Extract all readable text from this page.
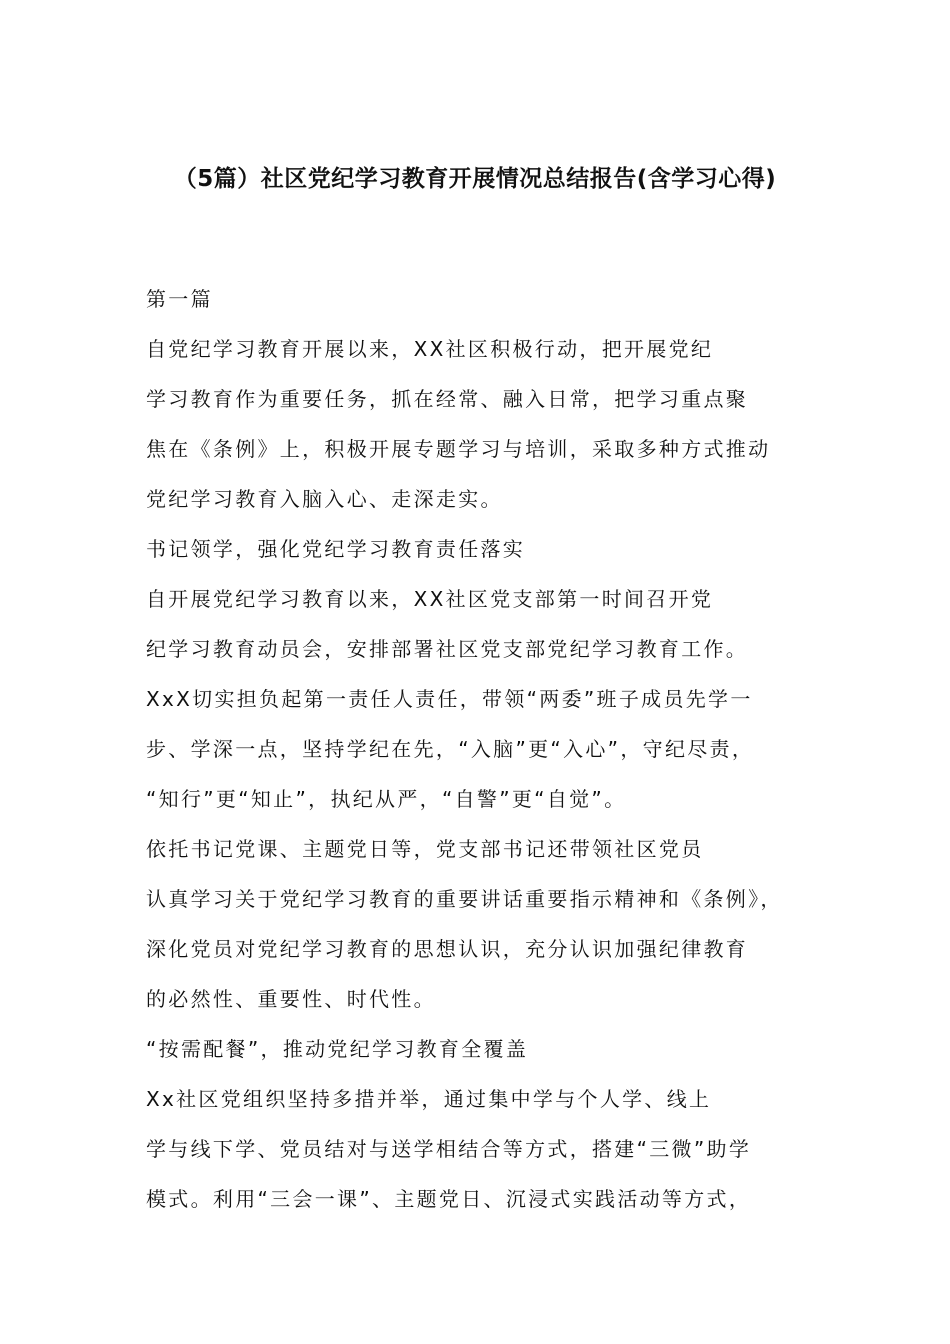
（5篇）社区党纪学习教育开展情况总结报告(含学习心得)
第一篇
自党纪学习教育开展以来，XX社区积极行动，把开展党纪
学习教育作为重要任务，抓在经常、融入日常，把学习重点聚
焦在《条例》上，积极开展专题学习与培训，采取多种方式推动
党纪学习教育入脑入心、走深走实。
书记领学，强化党纪学习教育责任落实
自开展党纪学习教育以来，XX社区党支部第一时间召开党
纪学习教育动员会，安排部署社区党支部党纪学习教育工作。
XxX切实担负起第一责任人责任，带领“两委”班子成员先学一
步、学深一点，坚持学纪在先，“入脑”更“入心”，守纪尽责，
“知行”更“知止”，执纪从严，“自警”更“自觉”。
依托书记党课、主题党日等，党支部书记还带领社区党员
认真学习关于党纪学习教育的重要讲话重要指示精神和《条例》，
深化党员对党纪学习教育的思想认识，充分认识加强纪律教育
的必然性、重要性、时代性。
“按需配餐”，推动党纪学习教育全覆盖
Xx社区党组织坚持多措并举，通过集中学与个人学、线上
学与线下学、党员结对与送学相结合等方式，搭建“三微”助学
模式。利用“三会一课”、主题党日、沉浸式实践活动等方式，
